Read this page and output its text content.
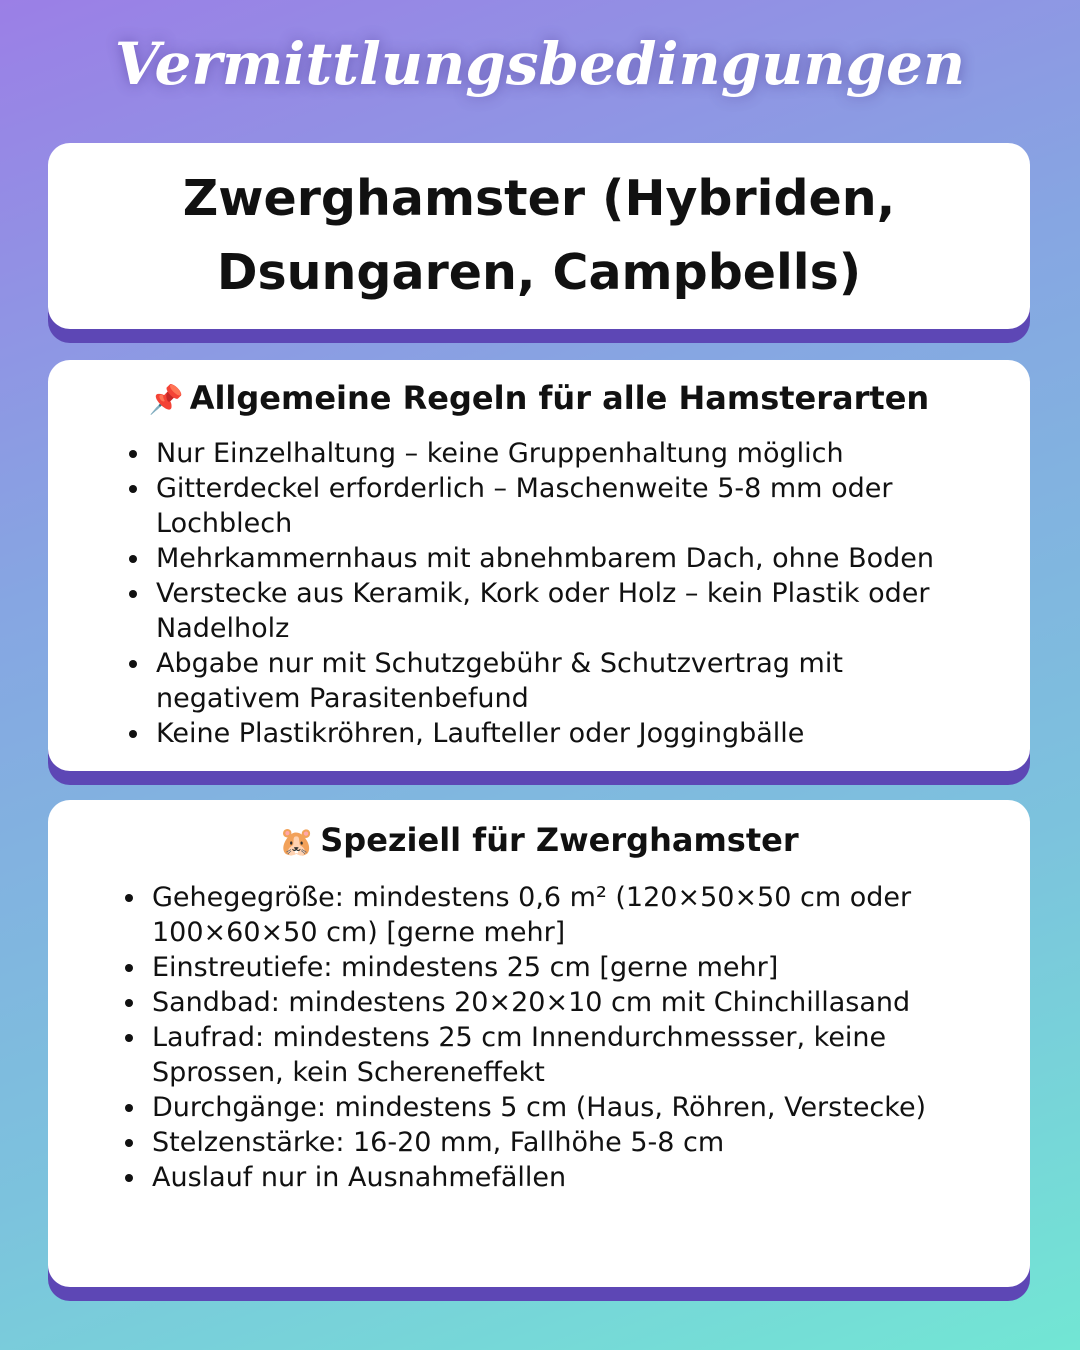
Vermittlungsbedingungen
Zwerghamster (Hybriden, Dsungaren, Campbells)
📌 Allgemeine Regeln für alle Hamsterarten
Nur Einzelhaltung – keine Gruppenhaltung möglich
Gitterdeckel erforderlich – Maschenweite 5-8 mm oder Lochblech
Mehrkammernhaus mit abnehmbarem Dach, ohne Boden
Verstecke aus Keramik, Kork oder Holz – kein Plastik oder Nadelholz
Abgabe nur mit Schutzgebühr & Schutzvertrag mit negativem Parasitenbefund
Keine Plastikröhren, Laufteller oder Joggingbälle
🐹 Speziell für Zwerghamster
Gehegegröße: mindestens 0,6 m² (120×50×50 cm oder 100×60×50 cm) [gerne mehr]
Einstreutiefe: mindestens 25 cm [gerne mehr]
Sandbad: mindestens 20×20×10 cm mit Chinchillasand
Laufrad: mindestens 25 cm Innendurchmessser, keine Sprossen, kein Schereneffekt
Durchgänge: mindestens 5 cm (Haus, Röhren, Verstecke)
Stelzenstärke: 16-20 mm, Fallhöhe 5-8 cm
Auslauf nur in Ausnahmefällen
